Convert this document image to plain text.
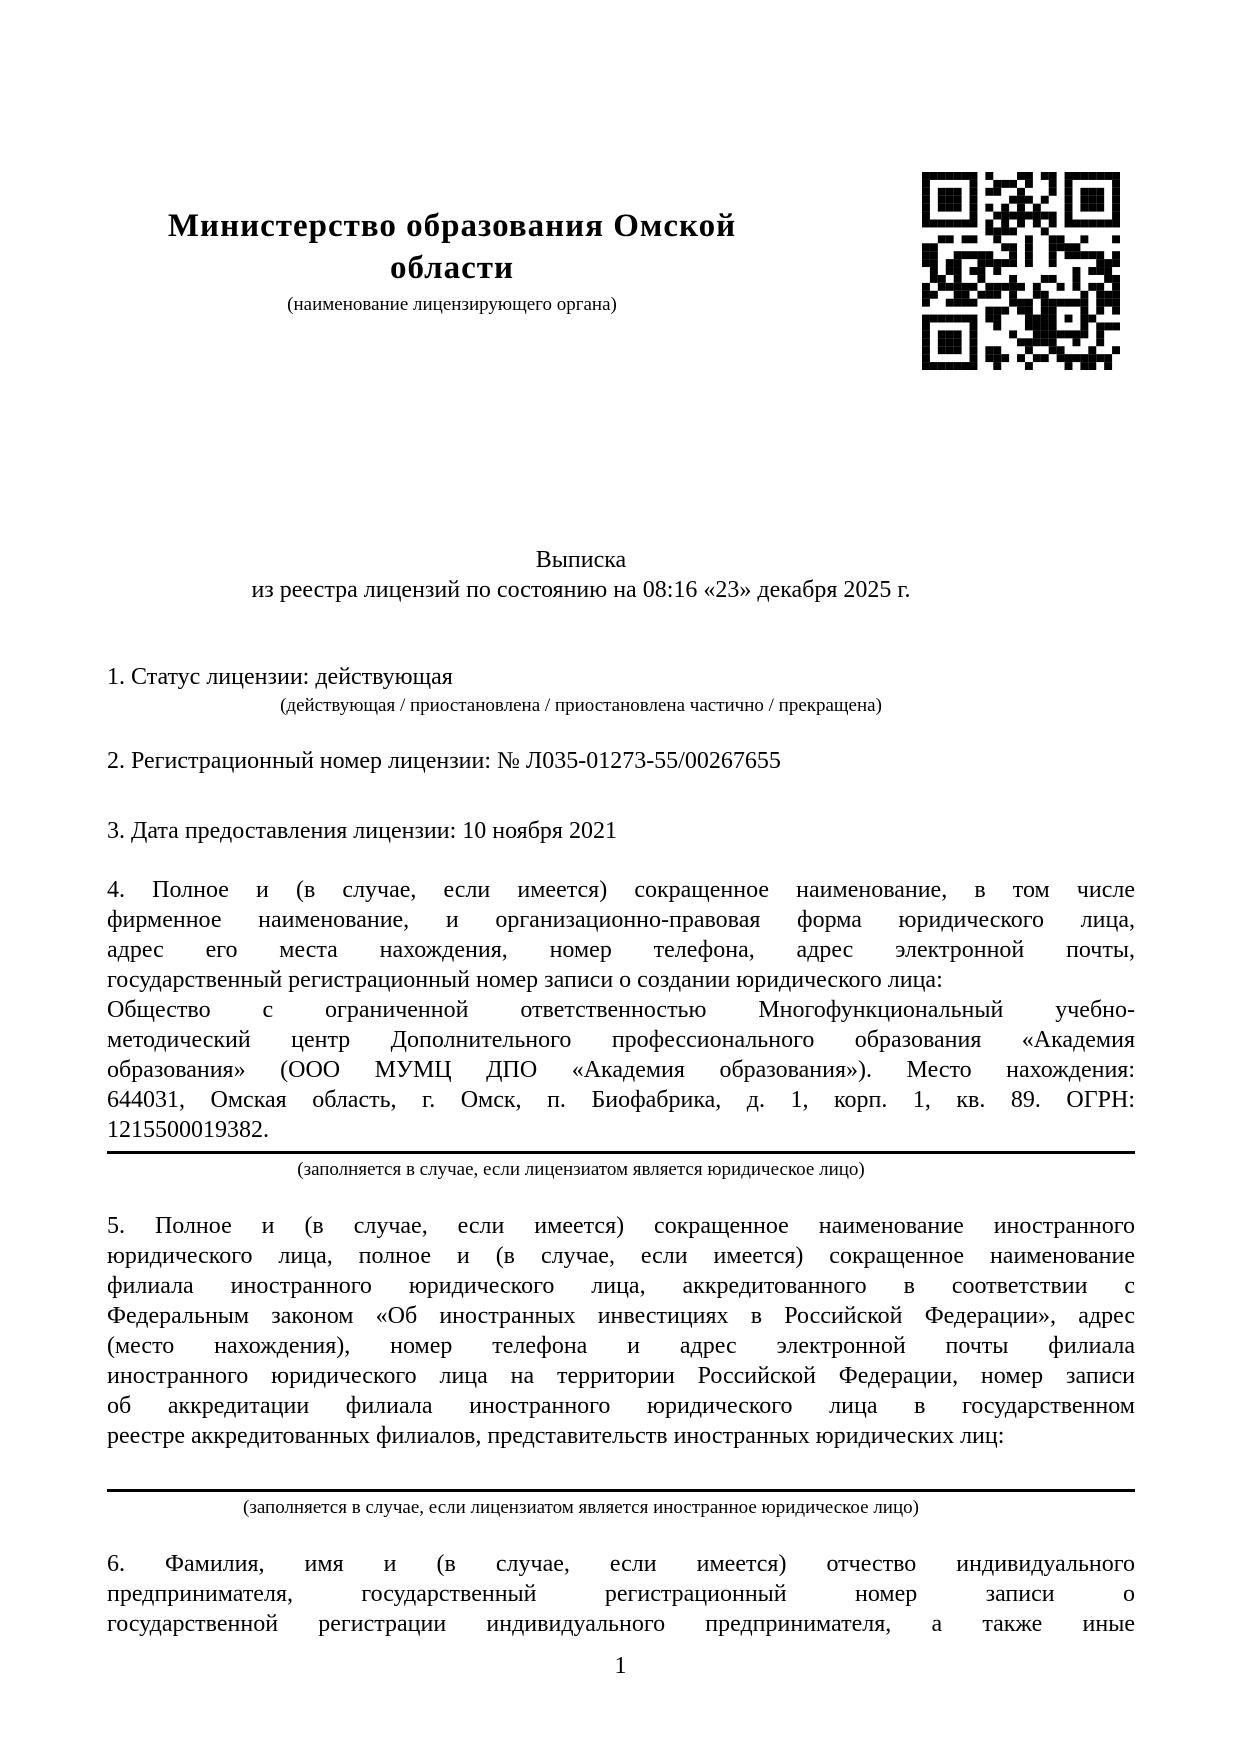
Министерство образования Омской области
(наименование лицензирующего органа)
Выписка
из реестра лицензий по состоянию на 08:16 «23» декабря 2025 г.
1. Статус лицензии: действующая
(действующая / приостановлена / приостановлена частично / прекращена)
2. Регистрационный номер лицензии: № Л035-01273-55/00267655
3. Дата предоставления лицензии: 10 ноября 2021
4. Полное и (в случае, если имеется) сокращенное наименование, в том числе
фирменное наименование, и организационно-правовая форма юридического лица,
адрес его места нахождения, номер телефона, адрес электронной почты,
государственный регистрационный номер записи о создании юридического лица:
Общество с ограниченной ответственностью Многофункциональный учебно-
методический центр Дополнительного профессионального образования «Академия
образования» (ООО МУМЦ ДПО «Академия образования»). Место нахождения:
644031, Омская область, г. Омск, п. Биофабрика, д. 1, корп. 1, кв. 89. ОГРН:
1215500019382.
(заполняется в случае, если лицензиатом является юридическое лицо)
5. Полное и (в случае, если имеется) сокращенное наименование иностранного
юридического лица, полное и (в случае, если имеется) сокращенное наименование
филиала иностранного юридического лица, аккредитованного в соответствии с
Федеральным законом «Об иностранных инвестициях в Российской Федерации», адрес
(место нахождения), номер телефона и адрес электронной почты филиала
иностранного юридического лица на территории Российской Федерации, номер записи
об аккредитации филиала иностранного юридического лица в государственном
реестре аккредитованных филиалов, представительств иностранных юридических лиц:
(заполняется в случае, если лицензиатом является иностранное юридическое лицо)
6. Фамилия, имя и (в случае, если имеется) отчество индивидуального
предпринимателя, государственный регистрационный номер записи о
государственной регистрации индивидуального предпринимателя, а также иные
1
